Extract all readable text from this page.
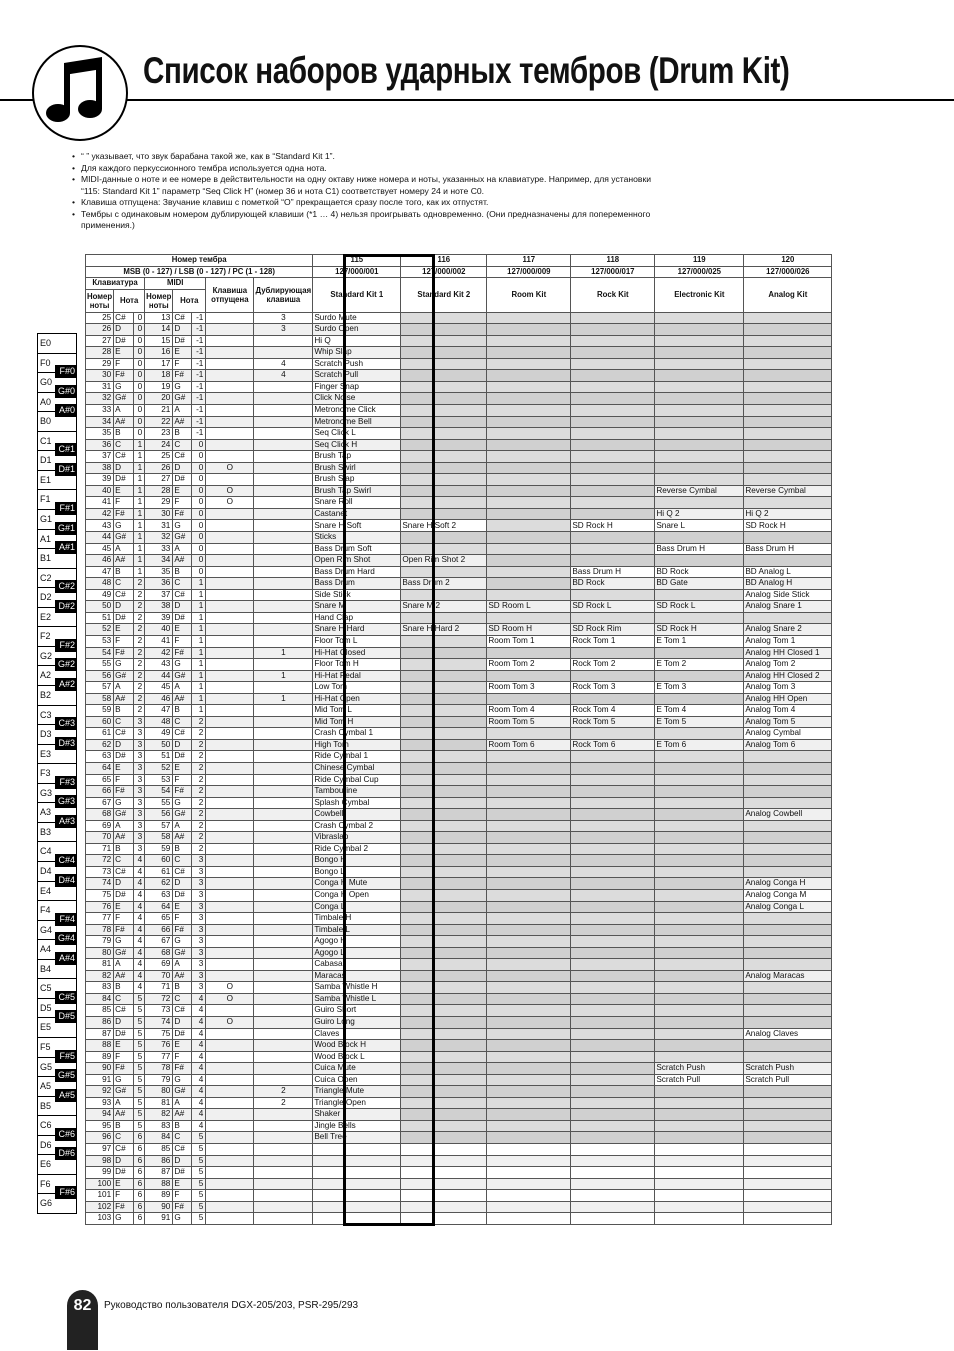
Список наборов ударных тембров (Drum Kit)
• “ ” указывает, что звук барабана такой же, как в “Standard Kit 1”.
• Для каждого перкуссионного тембра используется одна нота.
• MIDI-данные о ноте и ее номере в действительности на одну октаву ниже номера и ноты, указанных на клавиатуре. Например, для установки “115: Standard Kit 1” параметр “Seq Click H” (номер 36 и нота C1) соответствует номеру 24 и ноте C0.
• Клавиша отпущена: Звучание клавиш с пометкой “O” прекращается сразу после того, как их отпустят.
• Тембры с одинаковым номером дублирующей клавиши (*1 … 4) нельзя проигрывать одновременно. (Они предназначены для попеременного применения.)
E0
F0
G0
A0
B0
C1
D1
E1
F1
G1
A1
B1
C2
D2
E2
F2
G2
A2
B2
C3
D3
E3
F3
G3
A3
B3
C4
D4
E4
F4
G4
A4
B4
C5
D5
E5
F5
G5
A5
B5
C6
D6
E6
F6
G6
F#0
G#0
A#0
C#1
D#1
F#1
G#1
A#1
C#2
D#2
F#2
G#2
A#2
C#3
D#3
F#3
G#3
A#3
C#4
D#4
F#4
G#4
A#4
C#5
D#5
F#5
G#5
A#5
C#6
D#6
F#6
Номер тембра								115	116	117	118	119	120
MSB (0 - 127) / LSB (0 - 127) / PC (1 - 128)								127/000/001	127/000/002	127/000/009	127/000/017	127/000/025	127/000/026
Клавиатура			MIDI			Клавиша отпущена	Дублирующая клавиша	Standard Kit 1	Standard Kit 2	Room Kit	Rock Kit	Electronic Kit	Analog Kit
Номер ноты	Нота		Номер ноты	Нота									
25	C#	0	13	C#	-1		3	Surdo Mute					
26	D	0	14	D	-1		3	Surdo Open					
27	D#	0	15	D#	-1			Hi Q					
28	E	0	16	E	-1			Whip Slap					
29	F	0	17	F	-1		4	Scratch Push					
30	F#	0	18	F#	-1		4	Scratch Pull					
31	G	0	19	G	-1			Finger Snap					
32	G#	0	20	G#	-1			Click Noise					
33	A	0	21	A	-1			Metronome Click					
34	A#	0	22	A#	-1			Metronome Bell					
35	B	0	23	B	-1			Seq Click L					
36	C	1	24	C	0			Seq Click H					
37	C#	1	25	C#	0			Brush Tap					
38	D	1	26	D	0	O		Brush Swirl					
39	D#	1	27	D#	0			Brush Slap					
40	E	1	28	E	0	O		Brush Tap Swirl				Reverse Cymbal	Reverse Cymbal
41	F	1	29	F	0	O		Snare Roll					
42	F#	1	30	F#	0			Castanet				Hi Q 2	Hi Q 2
43	G	1	31	G	0			Snare H Soft	Snare H Soft 2		SD Rock H	Snare L	SD Rock H
44	G#	1	32	G#	0			Sticks					
45	A	1	33	A	0			Bass Drum Soft				Bass Drum H	Bass Drum H
46	A#	1	34	A#	0			Open Rim Shot	Open Rim Shot 2				
47	B	1	35	B	0			Bass Drum Hard			Bass Drum H	BD Rock	BD Analog L
48	C	2	36	C	1			Bass Drum	Bass Drum 2		BD Rock	BD Gate	BD Analog H
49	C#	2	37	C#	1			Side Stick					Analog Side Stick
50	D	2	38	D	1			Snare M	Snare M 2	SD Room L	SD Rock L	SD Rock L	Analog Snare 1
51	D#	2	39	D#	1			Hand Clap					
52	E	2	40	E	1			Snare H Hard	Snare H Hard 2	SD Room H	SD Rock Rim	SD Rock H	Analog Snare 2
53	F	2	41	F	1			Floor Tom L		Room Tom 1	Rock Tom 1	E Tom 1	Analog Tom 1
54	F#	2	42	F#	1		1	Hi-Hat Closed					Analog HH Closed 1
55	G	2	43	G	1			Floor Tom H		Room Tom 2	Rock Tom 2	E Tom 2	Analog Tom 2
56	G#	2	44	G#	1		1	Hi-Hat Pedal					Analog HH Closed 2
57	A	2	45	A	1			Low Tom		Room Tom 3	Rock Tom 3	E Tom 3	Analog Tom 3
58	A#	2	46	A#	1		1	Hi-Hat Open					Analog HH Open
59	B	2	47	B	1			Mid Tom L		Room Tom 4	Rock Tom 4	E Tom 4	Analog Tom 4
60	C	3	48	C	2			Mid Tom H		Room Tom 5	Rock Tom 5	E Tom 5	Analog Tom 5
61	C#	3	49	C#	2			Crash Cymbal 1					Analog Cymbal
62	D	3	50	D	2			High Tom		Room Tom 6	Rock Tom 6	E Tom 6	Analog Tom 6
63	D#	3	51	D#	2			Ride Cymbal 1					
64	E	3	52	E	2			Chinese Cymbal					
65	F	3	53	F	2			Ride Cymbal Cup					
66	F#	3	54	F#	2			Tambourine					
67	G	3	55	G	2			Splash Cymbal					
68	G#	3	56	G#	2			Cowbell					Analog Cowbell
69	A	3	57	A	2			Crash Cymbal 2					
70	A#	3	58	A#	2			Vibraslap					
71	B	3	59	B	2			Ride Cymbal 2					
72	C	4	60	C	3			Bongo H					
73	C#	4	61	C#	3			Bongo L					
74	D	4	62	D	3			Conga H Mute					Analog Conga H
75	D#	4	63	D#	3			Conga H Open					Analog Conga M
76	E	4	64	E	3			Conga L					Analog Conga L
77	F	4	65	F	3			Timbale H					
78	F#	4	66	F#	3			Timbale L					
79	G	4	67	G	3			Agogo H					
80	G#	4	68	G#	3			Agogo L					
81	A	4	69	A	3			Cabasa					
82	A#	4	70	A#	3			Maracas					Analog Maracas
83	B	4	71	B	3	O		Samba Whistle H					
84	C	5	72	C	4	O		Samba Whistle L					
85	C#	5	73	C#	4			Guiro Short					
86	D	5	74	D	4	O		Guiro Long					
87	D#	5	75	D#	4			Claves					Analog Claves
88	E	5	76	E	4			Wood Block H					
89	F	5	77	F	4			Wood Block L					
90	F#	5	78	F#	4			Cuica Mute				Scratch Push	Scratch Push
91	G	5	79	G	4			Cuica Open				Scratch Pull	Scratch Pull
92	G#	5	80	G#	4		2	Triangle Mute					
93	A	5	81	A	4		2	Triangle Open					
94	A#	5	82	A#	4			Shaker					
95	B	5	83	B	4			Jingle Bells					
96	C	6	84	C	5			Bell Tree					
97	C#	6	85	C#	5								
98	D	6	86	D	5								
99	D#	6	87	D#	5								
100	E	6	88	E	5								
101	F	6	89	F	5								
102	F#	6	90	F#	5								
103	G	6	91	G	5								
82	Руководство пользователя DGX-205/203, PSR-295/293
